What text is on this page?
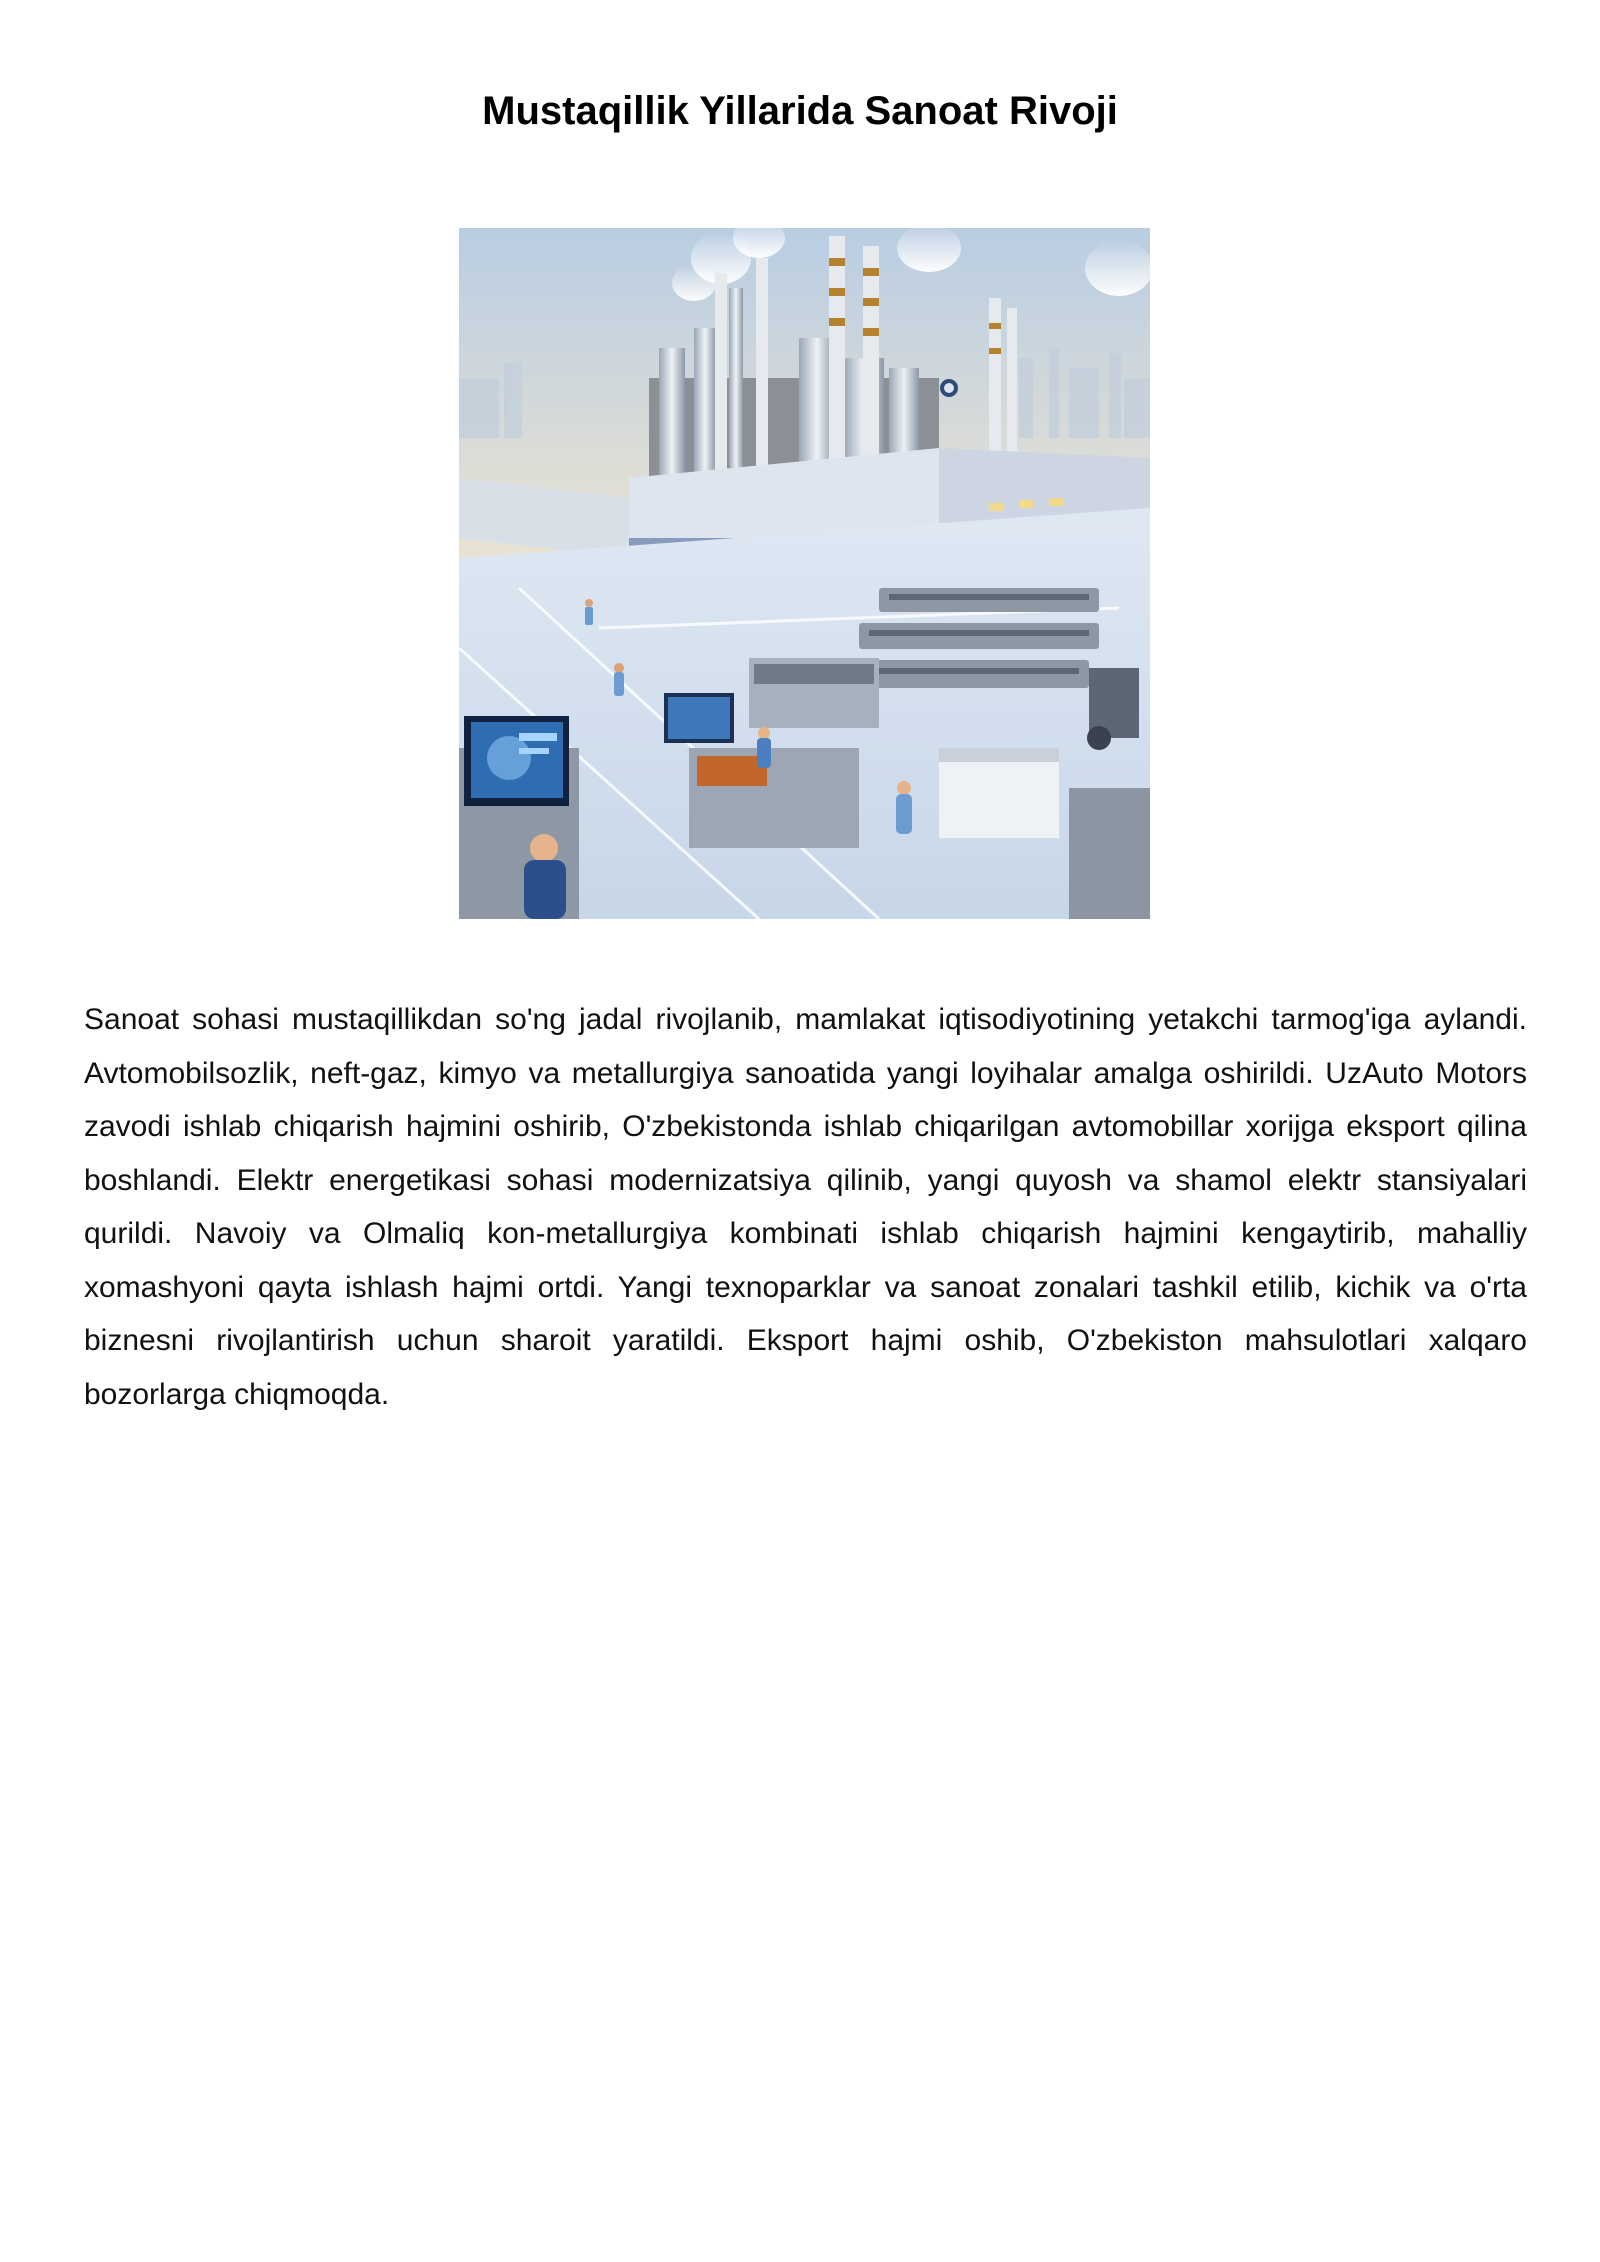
Mustaqillik Yillarida Sanoat Rivoji

Sanoat sohasi mustaqillikdan so'ng jadal rivojlanib, mamlakat iqtisodiyotining yetakchi tarmog'iga aylandi. Avtomobilsozlik, neft-gaz, kimyo va metallurgiya sanoatida yangi loyihalar amalga oshirildi. UzAuto Motors zavodi ishlab chiqarish hajmini oshirib, O'zbekistonda ishlab chiqarilgan avtomobillar xorijga eksport qilina boshlandi. Elektr energetikasi sohasi modernizatsiya qilinib, yangi quyosh va shamol elektr stansiyalari qurildi. Navoiy va Olmaliq kon-metallurgiya kombinati ishlab chiqarish hajmini kengaytirib, mahalliy xomashyoni qayta ishlash hajmi ortdi. Yangi texnoparklar va sanoat zonalari tashkil etilib, kichik va o'rta biznesni rivojlantirish uchun sharoit yaratildi. Eksport hajmi oshib, O'zbekiston mahsulotlari xalqaro bozorlarga chiqmoqda.
